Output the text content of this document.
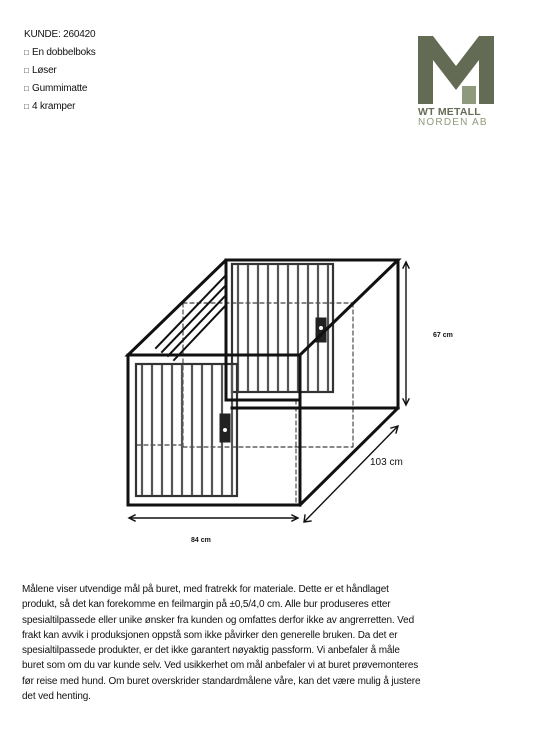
KUNDE: 260420
□ En dobbelboks
□ Løser
□ Gummimatte
□ 4 kramper	WT METALL
NORDEN AB
67 cm
103 cm
84 cm
Målene viser utvendige mål på buret, med fratrekk for materiale. Dette er et håndlaget produkt, så det kan forekomme en feilmargin på ±0,5/4,0 cm. Alle bur produseres etter spesialtilpassede eller unike ønsker fra kunden og omfattes derfor ikke av angrerretten. Ved frakt kan avvik i produksjonen oppstå som ikke påvirker den generelle bruken. Da det er spesialtilpassede produkter, er det ikke garantert nøyaktig passform. Vi anbefaler å måle buret som om du var kunde selv. Ved usikkerhet om mål anbefaler vi at buret prøvemonteres før reise med hund. Om buret overskrider standardmålene våre, kan det være mulig å justere det ved henting.
